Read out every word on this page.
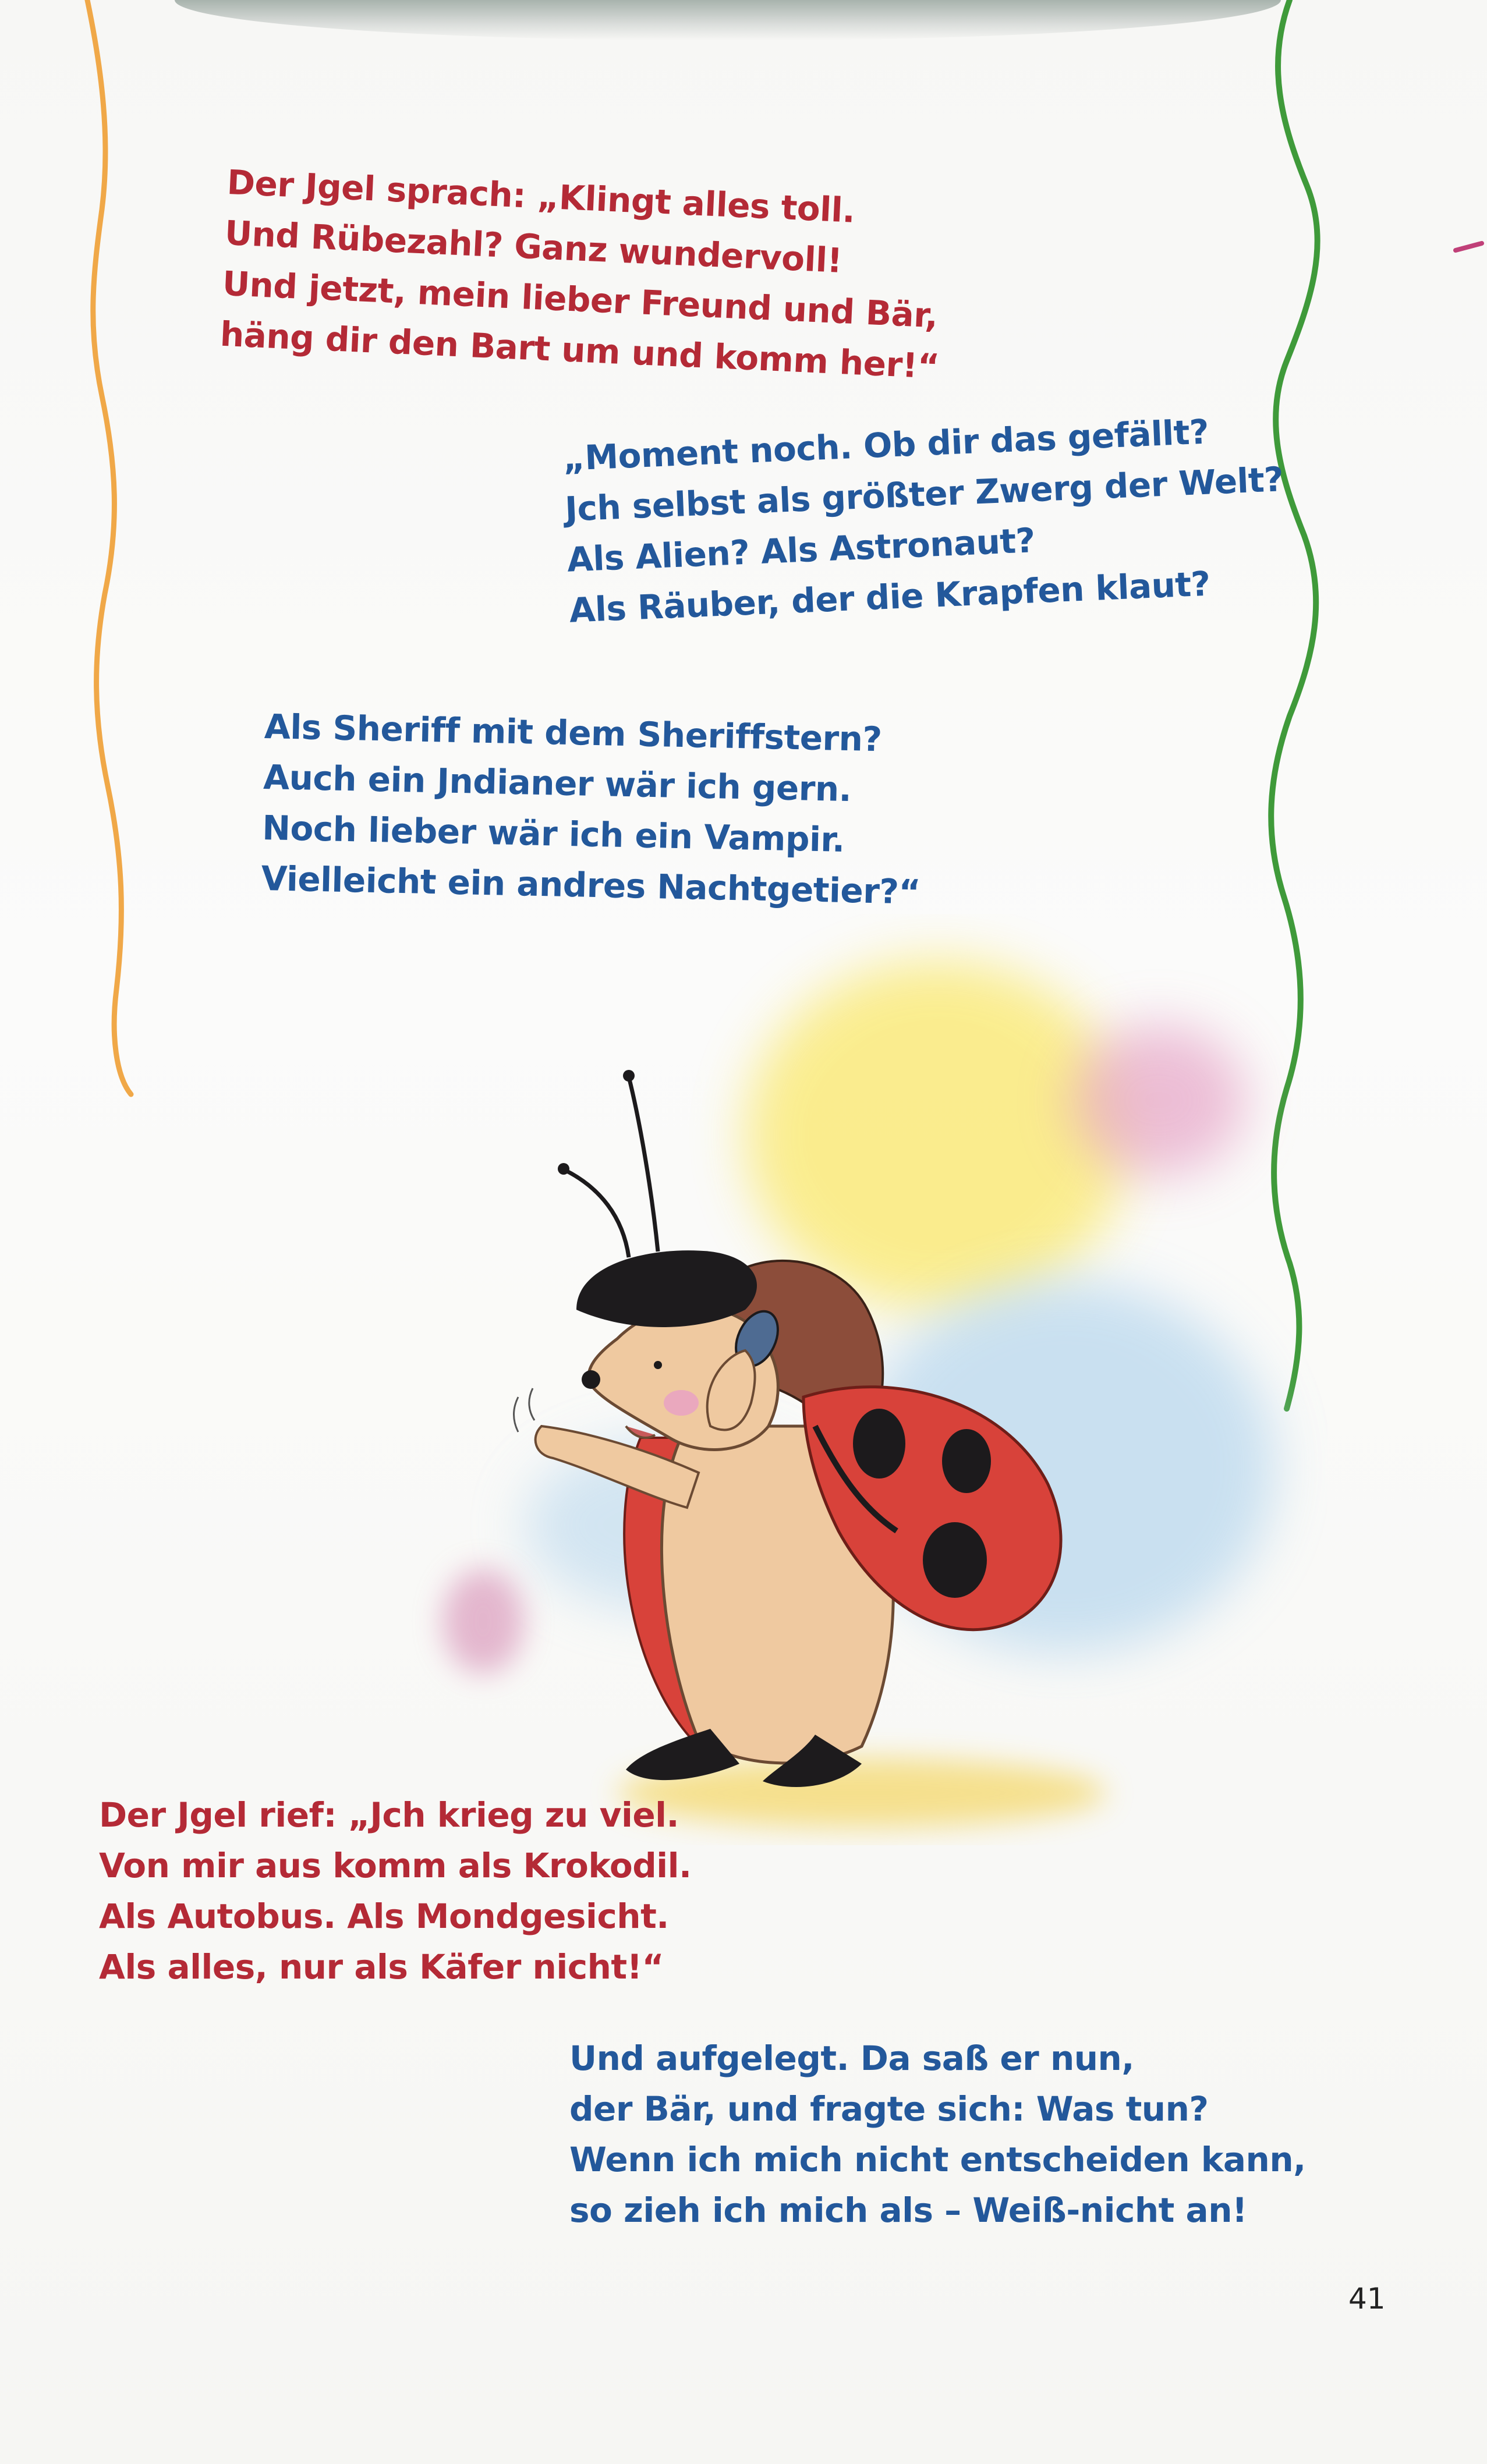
Der Jgel sprach: „Klingt alles toll.
Und Rübezahl? Ganz wundervoll!
Und jetzt, mein lieber Freund und Bär,
häng dir den Bart um und komm her!“

„Moment noch. Ob dir das gefällt?
Jch selbst als größter Zwerg der Welt?
Als Alien? Als Astronaut?
Als Räuber, der die Krapfen klaut?

Als Sheriff mit dem Sheriffstern?
Auch ein Jndianer wär ich gern.
Noch lieber wär ich ein Vampir.
Vielleicht ein andres Nachtgetier?“

Der Jgel rief: „Jch krieg zu viel.
Von mir aus komm als Krokodil.
Als Autobus. Als Mondgesicht.
Als alles, nur als Käfer nicht!“

Und aufgelegt. Da saß er nun,
der Bär, und fragte sich: Was tun?
Wenn ich mich nicht entscheiden kann,
so zieh ich mich als – Weiß-nicht an!

41
